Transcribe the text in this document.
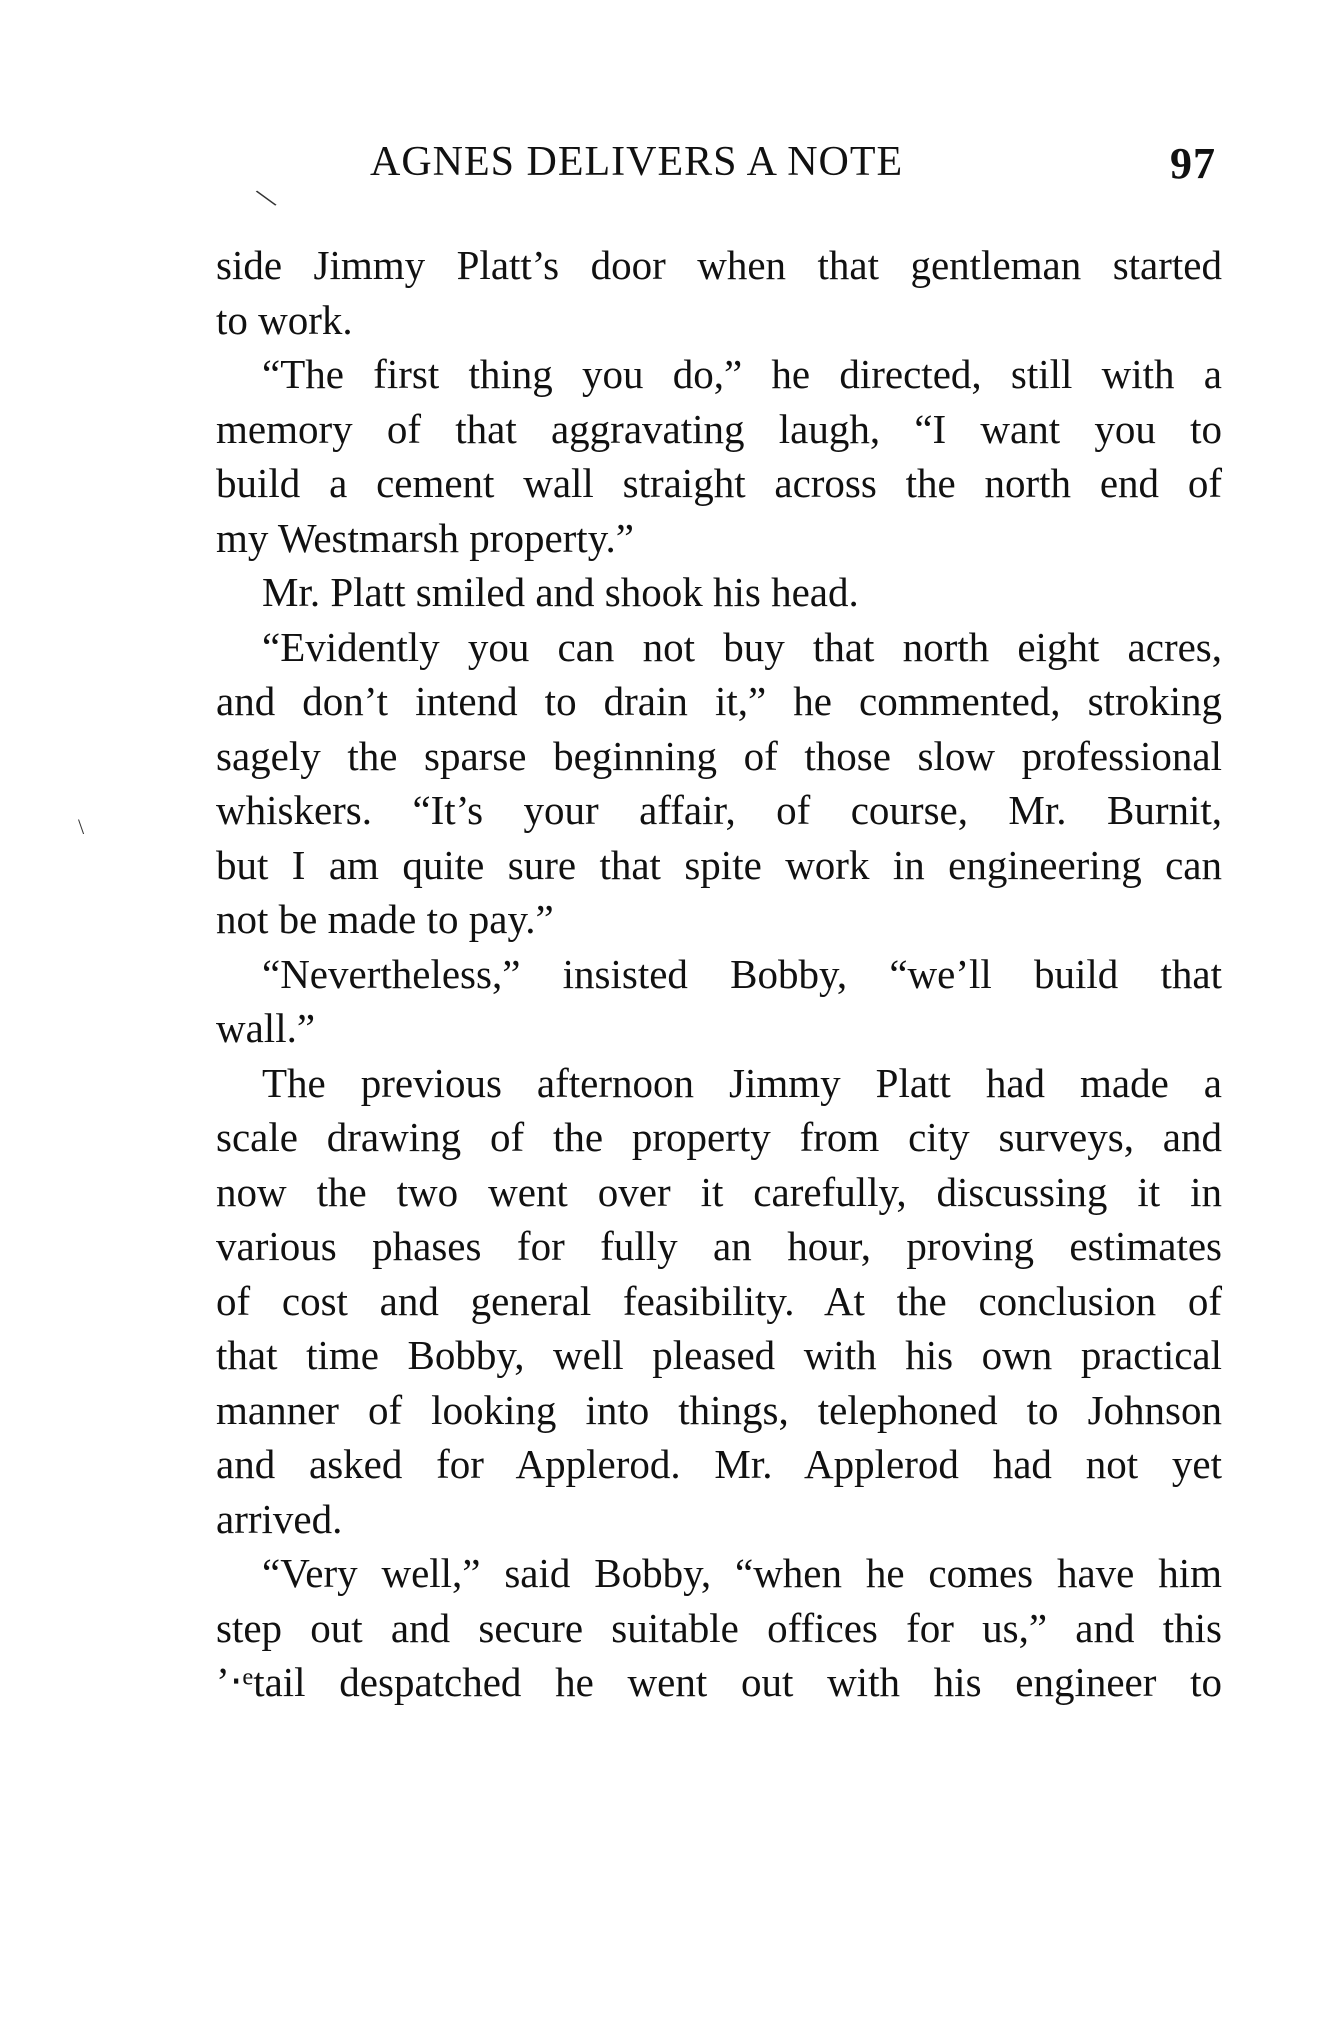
\
\
AGNES DELIVERS A NOTE	97
side Jimmy Platt’s door when that gentleman started
to work.
“The first thing you do,” he directed, still with a
memory of that aggravating laugh, “I want you to
build a cement wall straight across the north end of
my Westmarsh property.”
Mr. Platt smiled and shook his head.
“Evidently you can not buy that north eight acres,
and don’t intend to drain it,” he commented, stroking
sagely the sparse beginning of those slow professional
whiskers. “It’s your affair, of course, Mr. Burnit,
but I am quite sure that spite work in engineering can
not be made to pay.”
“Nevertheless,” insisted Bobby, “we’ll build that
wall.”
The previous afternoon Jimmy Platt had made a
scale drawing of the property from city surveys, and
now the two went over it carefully, discussing it in
various phases for fully an hour, proving estimates
of cost and general feasibility. At the conclusion of
that time Bobby, well pleased with his own practical
manner of looking into things, telephoned to Johnson
and asked for Applerod. Mr. Applerod had not yet
arrived.
“Very well,” said Bobby, “when he comes have him
step out and secure suitable offices for us,” and this
ʼ‧ᵉtail despatched he went out with his engineer to
